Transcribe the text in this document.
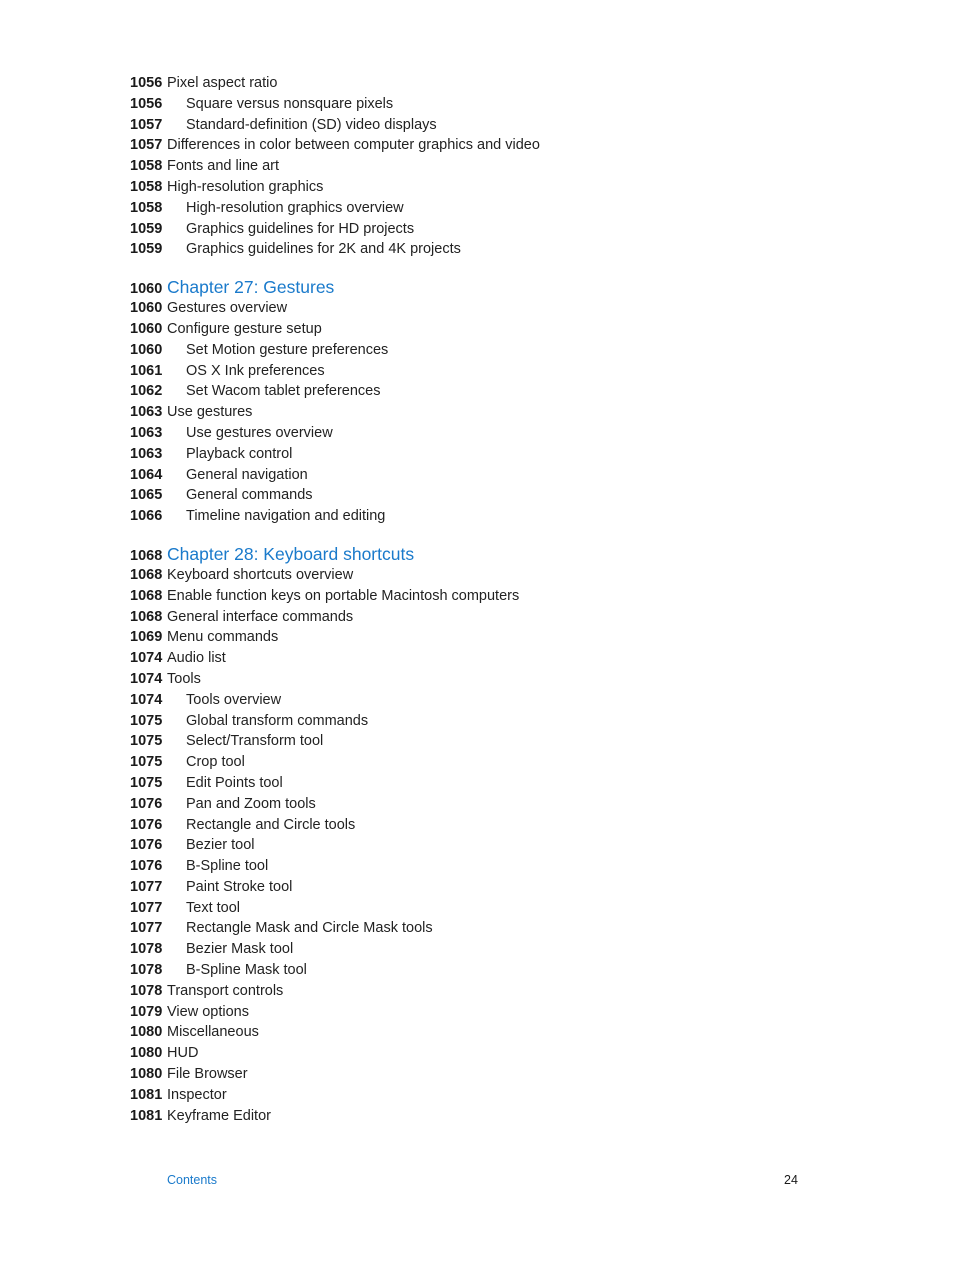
1056 Pixel aspect ratio
1056	Square versus nonsquare pixels
1057	Standard-definition (SD) video displays
1057 Differences in color between computer graphics and video
1058 Fonts and line art
1058 High-resolution graphics
1058	High-resolution graphics overview
1059	Graphics guidelines for HD projects
1059	Graphics guidelines for 2K and 4K projects
1060 Chapter 27: Gestures
1060 Gestures overview
1060 Configure gesture setup
1060	Set Motion gesture preferences
1061	OS X Ink preferences
1062	Set Wacom tablet preferences
1063 Use gestures
1063	Use gestures overview
1063	Playback control
1064	General navigation
1065	General commands
1066	Timeline navigation and editing
1068 Chapter 28: Keyboard shortcuts
1068 Keyboard shortcuts overview
1068 Enable function keys on portable Macintosh computers
1068 General interface commands
1069 Menu commands
1074 Audio list
1074 Tools
1074	Tools overview
1075	Global transform commands
1075	Select/Transform tool
1075	Crop tool
1075	Edit Points tool
1076	Pan and Zoom tools
1076	Rectangle and Circle tools
1076	Bezier tool
1076	B-Spline tool
1077	Paint Stroke tool
1077	Text tool
1077	Rectangle Mask and Circle Mask tools
1078	Bezier Mask tool
1078	B-Spline Mask tool
1078 Transport controls
1079 View options
1080 Miscellaneous
1080 HUD
1080 File Browser
1081 Inspector
1081 Keyframe Editor
Contents	24
